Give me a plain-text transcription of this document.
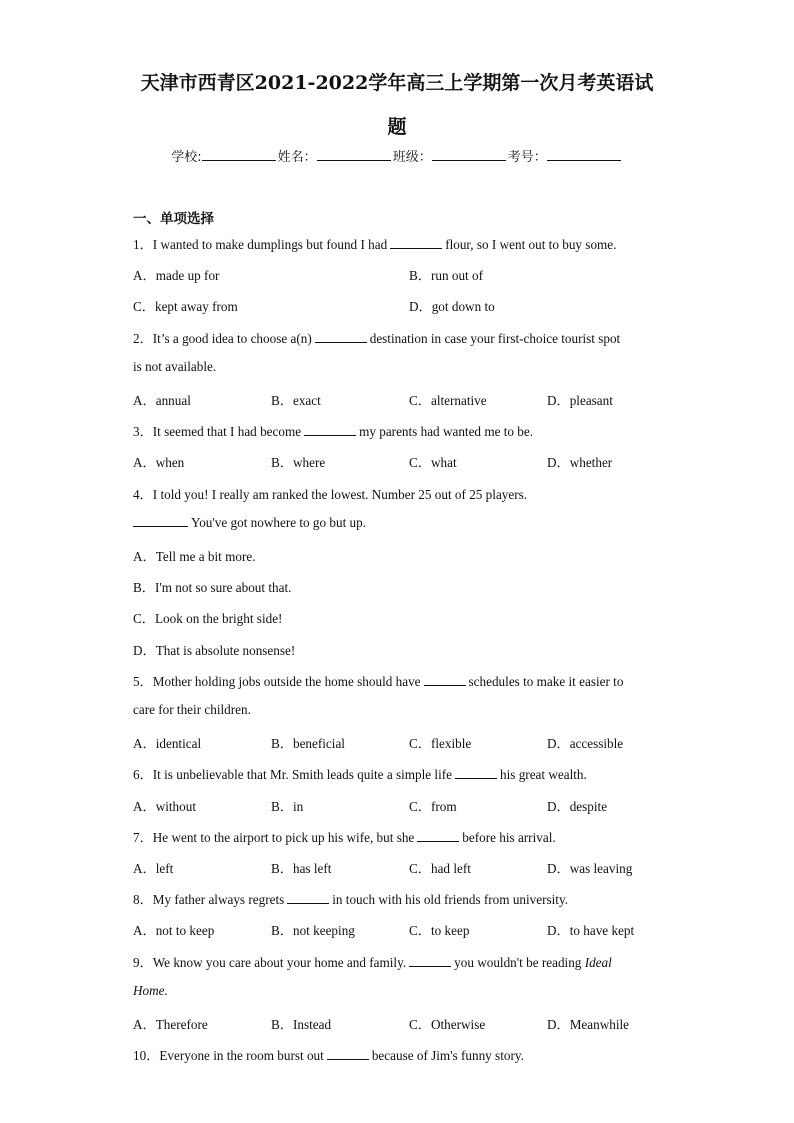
天津市西青区2021-2022学年高三上学期第一次月考英语试
题
学校:	姓名：	班级：	考号：
一、单项选择
1．I wanted to make dumplings but found I had	flour, so I went out to buy some.
A．made up for	B．run out of
C．kept away from	D．got down to
2．It’s a good idea to choose a(n)	destination in case your first-choice tourist spot
is not available.
A．annual	B．exact	C．alternative	D．pleasant
3．It seemed that I had become	my parents had wanted me to be.
A．when	B．where	C．what	D．whether
4．I told you! I really am ranked the lowest. Number 25 out of 25 players.
You've got nowhere to go but up.
A．Tell me a bit more.
B．I'm not so sure about that.
C．Look on the bright side!
D．That is absolute nonsense!
5．Mother holding jobs outside the home should have	schedules to make it easier to
care for their children.
A．identical	B．beneficial	C．flexible	D．accessible
6．It is unbelievable that Mr. Smith leads quite a simple life	his great wealth.
A．without	B．in	C．from	D．despite
7．He went to the airport to pick up his wife, but she	before his arrival.
A．left	B．has left	C．had left	D．was leaving
8．My father always regrets	in touch with his old friends from university.
A．not to keep	B．not keeping	C．to keep	D．to have kept
9．We know you care about your home and family.	you wouldn't be reading Ideal
Home.
A．Therefore	B．Instead	C．Otherwise	D．Meanwhile
10．Everyone in the room burst out	because of Jim's funny story.
